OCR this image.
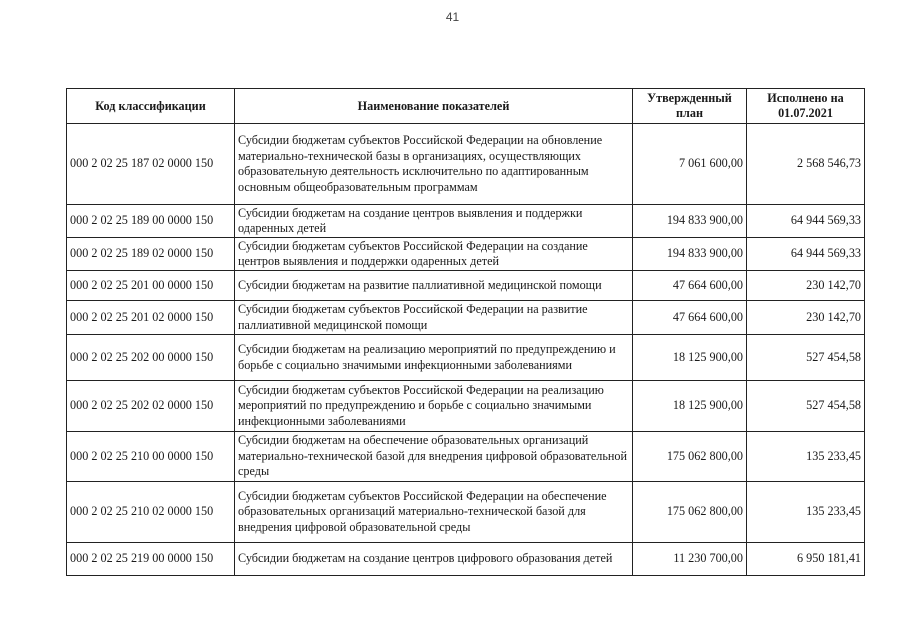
41
Код классификации	Наименование показателей	Утвержденный план	Исполнено на 01.07.2021
000 2 02 25 187 02 0000 150	Субсидии бюджетам субъектов Российской Федерации на обновление материально-технической базы в организациях, осуществляющих образовательную деятельность исключительно по адаптированным основным общеобразовательным программам	7 061 600,00	2 568 546,73
000 2 02 25 189 00 0000 150	Субсидии бюджетам на создание центров выявления и поддержки одаренных детей	194 833 900,00	64 944 569,33
000 2 02 25 189 02 0000 150	Субсидии бюджетам субъектов Российской Федерации на создание центров выявления и поддержки одаренных детей	194 833 900,00	64 944 569,33
000 2 02 25 201 00 0000 150	Субсидии бюджетам на развитие паллиативной медицинской помощи	47 664 600,00	230 142,70
000 2 02 25 201 02 0000 150	Субсидии бюджетам субъектов Российской Федерации на развитие паллиативной медицинской помощи	47 664 600,00	230 142,70
000 2 02 25 202 00 0000 150	Субсидии бюджетам на реализацию мероприятий по предупреждению и борьбе с социально значимыми инфекционными заболеваниями	18 125 900,00	527 454,58
000 2 02 25 202 02 0000 150	Субсидии бюджетам субъектов Российской Федерации на реализацию мероприятий по предупреждению и борьбе с социально значимыми инфекционными заболеваниями	18 125 900,00	527 454,58
000 2 02 25 210 00 0000 150	Субсидии бюджетам на обеспечение образовательных организаций материально-технической базой для внедрения цифровой образовательной среды	175 062 800,00	135 233,45
000 2 02 25 210 02 0000 150	Субсидии бюджетам субъектов Российской Федерации на обеспечение образовательных организаций материально-технической базой для внедрения цифровой образовательной среды	175 062 800,00	135 233,45
000 2 02 25 219 00 0000 150	Субсидии бюджетам на создание центров цифрового образования детей	11 230 700,00	6 950 181,41
